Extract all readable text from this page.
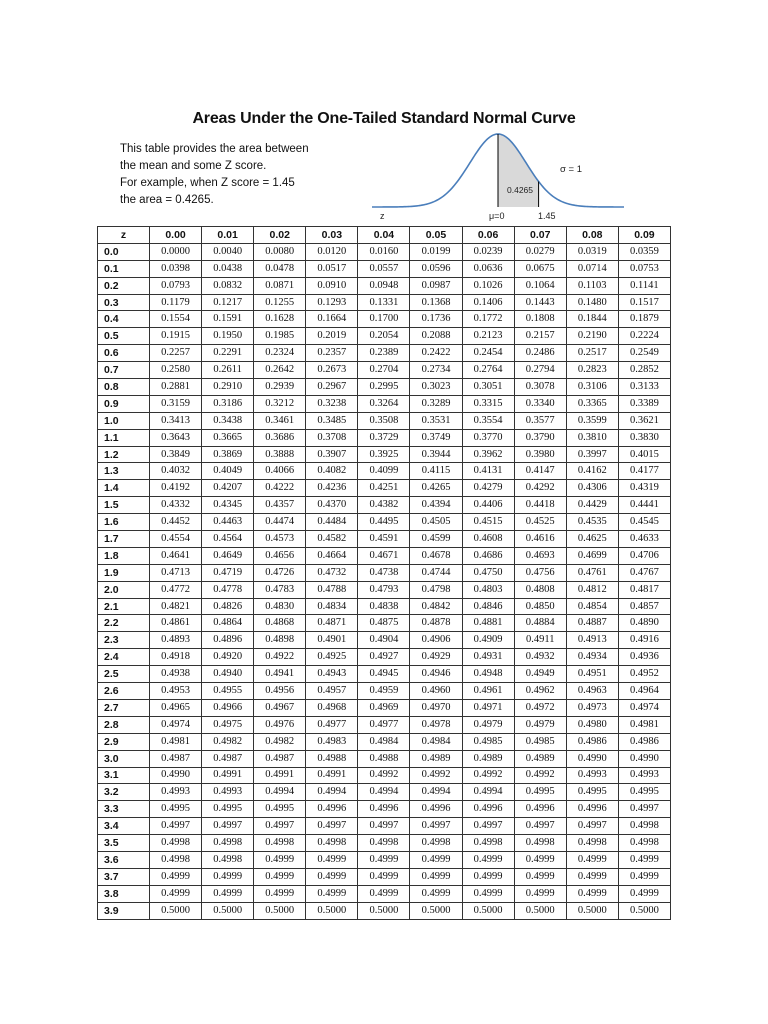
Areas Under the One-Tailed Standard Normal Curve
This table provides the area between
the mean and some Z score.
For example, when Z score = 1.45
the area = 0.4265.
σ = 1
0.4265
z	μ=0	1.45
z	0.00	0.01	0.02	0.03	0.04	0.05	0.06	0.07	0.08	0.09
0.0	0.0000	0.0040	0.0080	0.0120	0.0160	0.0199	0.0239	0.0279	0.0319	0.0359
0.1	0.0398	0.0438	0.0478	0.0517	0.0557	0.0596	0.0636	0.0675	0.0714	0.0753
0.2	0.0793	0.0832	0.0871	0.0910	0.0948	0.0987	0.1026	0.1064	0.1103	0.1141
0.3	0.1179	0.1217	0.1255	0.1293	0.1331	0.1368	0.1406	0.1443	0.1480	0.1517
0.4	0.1554	0.1591	0.1628	0.1664	0.1700	0.1736	0.1772	0.1808	0.1844	0.1879
0.5	0.1915	0.1950	0.1985	0.2019	0.2054	0.2088	0.2123	0.2157	0.2190	0.2224
0.6	0.2257	0.2291	0.2324	0.2357	0.2389	0.2422	0.2454	0.2486	0.2517	0.2549
0.7	0.2580	0.2611	0.2642	0.2673	0.2704	0.2734	0.2764	0.2794	0.2823	0.2852
0.8	0.2881	0.2910	0.2939	0.2967	0.2995	0.3023	0.3051	0.3078	0.3106	0.3133
0.9	0.3159	0.3186	0.3212	0.3238	0.3264	0.3289	0.3315	0.3340	0.3365	0.3389
1.0	0.3413	0.3438	0.3461	0.3485	0.3508	0.3531	0.3554	0.3577	0.3599	0.3621
1.1	0.3643	0.3665	0.3686	0.3708	0.3729	0.3749	0.3770	0.3790	0.3810	0.3830
1.2	0.3849	0.3869	0.3888	0.3907	0.3925	0.3944	0.3962	0.3980	0.3997	0.4015
1.3	0.4032	0.4049	0.4066	0.4082	0.4099	0.4115	0.4131	0.4147	0.4162	0.4177
1.4	0.4192	0.4207	0.4222	0.4236	0.4251	0.4265	0.4279	0.4292	0.4306	0.4319
1.5	0.4332	0.4345	0.4357	0.4370	0.4382	0.4394	0.4406	0.4418	0.4429	0.4441
1.6	0.4452	0.4463	0.4474	0.4484	0.4495	0.4505	0.4515	0.4525	0.4535	0.4545
1.7	0.4554	0.4564	0.4573	0.4582	0.4591	0.4599	0.4608	0.4616	0.4625	0.4633
1.8	0.4641	0.4649	0.4656	0.4664	0.4671	0.4678	0.4686	0.4693	0.4699	0.4706
1.9	0.4713	0.4719	0.4726	0.4732	0.4738	0.4744	0.4750	0.4756	0.4761	0.4767
2.0	0.4772	0.4778	0.4783	0.4788	0.4793	0.4798	0.4803	0.4808	0.4812	0.4817
2.1	0.4821	0.4826	0.4830	0.4834	0.4838	0.4842	0.4846	0.4850	0.4854	0.4857
2.2	0.4861	0.4864	0.4868	0.4871	0.4875	0.4878	0.4881	0.4884	0.4887	0.4890
2.3	0.4893	0.4896	0.4898	0.4901	0.4904	0.4906	0.4909	0.4911	0.4913	0.4916
2.4	0.4918	0.4920	0.4922	0.4925	0.4927	0.4929	0.4931	0.4932	0.4934	0.4936
2.5	0.4938	0.4940	0.4941	0.4943	0.4945	0.4946	0.4948	0.4949	0.4951	0.4952
2.6	0.4953	0.4955	0.4956	0.4957	0.4959	0.4960	0.4961	0.4962	0.4963	0.4964
2.7	0.4965	0.4966	0.4967	0.4968	0.4969	0.4970	0.4971	0.4972	0.4973	0.4974
2.8	0.4974	0.4975	0.4976	0.4977	0.4977	0.4978	0.4979	0.4979	0.4980	0.4981
2.9	0.4981	0.4982	0.4982	0.4983	0.4984	0.4984	0.4985	0.4985	0.4986	0.4986
3.0	0.4987	0.4987	0.4987	0.4988	0.4988	0.4989	0.4989	0.4989	0.4990	0.4990
3.1	0.4990	0.4991	0.4991	0.4991	0.4992	0.4992	0.4992	0.4992	0.4993	0.4993
3.2	0.4993	0.4993	0.4994	0.4994	0.4994	0.4994	0.4994	0.4995	0.4995	0.4995
3.3	0.4995	0.4995	0.4995	0.4996	0.4996	0.4996	0.4996	0.4996	0.4996	0.4997
3.4	0.4997	0.4997	0.4997	0.4997	0.4997	0.4997	0.4997	0.4997	0.4997	0.4998
3.5	0.4998	0.4998	0.4998	0.4998	0.4998	0.4998	0.4998	0.4998	0.4998	0.4998
3.6	0.4998	0.4998	0.4999	0.4999	0.4999	0.4999	0.4999	0.4999	0.4999	0.4999
3.7	0.4999	0.4999	0.4999	0.4999	0.4999	0.4999	0.4999	0.4999	0.4999	0.4999
3.8	0.4999	0.4999	0.4999	0.4999	0.4999	0.4999	0.4999	0.4999	0.4999	0.4999
3.9	0.5000	0.5000	0.5000	0.5000	0.5000	0.5000	0.5000	0.5000	0.5000	0.5000
